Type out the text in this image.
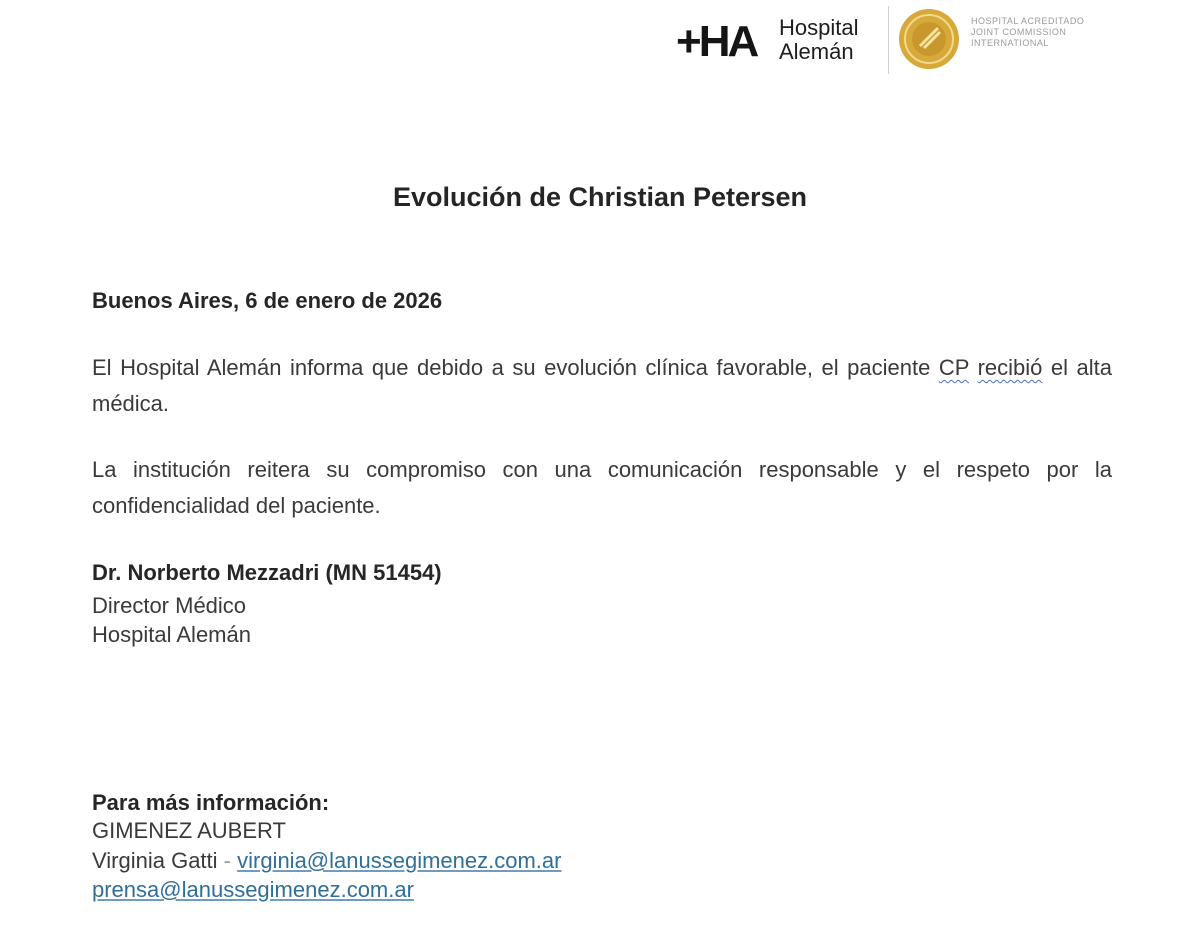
+HA Hospital
Alemán
HOSPITAL ACREDITADO
JOINT COMMISSION
INTERNATIONAL
Evolución de Christian Petersen

Buenos Aires, 6 de enero de 2026

El Hospital Alemán informa que debido a su evolución clínica favorable, el paciente CP recibió el alta médica.

La institución reitera su compromiso con una comunicación responsable y el respeto por la confidencialidad del paciente.

Dr. Norberto Mezzadri (MN 51454)

Director Médico

Hospital Alemán

Para más información:

GIMENEZ AUBERT

Virginia Gatti - virginia@lanussegimenez.com.ar

prensa@lanussegimenez.com.ar
